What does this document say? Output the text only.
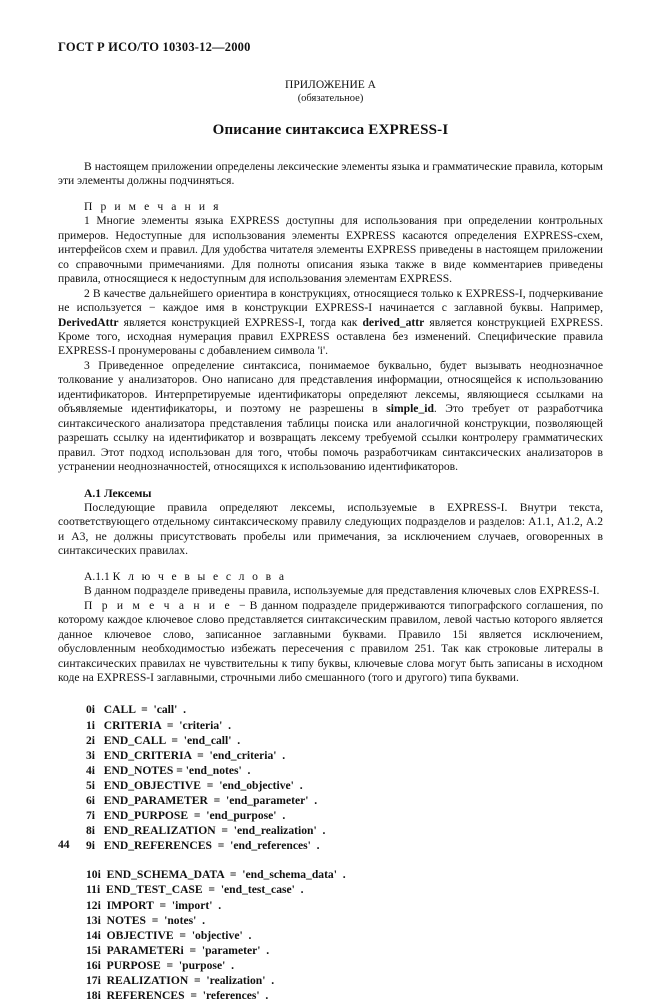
ГОСТ Р ИСО/ТО 10303-12—2000
ПРИЛОЖЕНИЕ А
(обязательное)
Описание синтаксиса EXPRESS-I

В настоящем приложении определены лексические элементы языка и грамматические правила, которым эти элементы должны подчиняться.

П р и м е ч а н и я

1 Многие элементы языка EXPRESS доступны для использования при определении контрольных примеров. Недоступные для использования элементы EXPRESS касаются определения EXPRESS-схем, интерфейсов схем и правил. Для удобства читателя элементы EXPRESS приведены в настоящем приложении со справочными примечаниями. Для полноты описания языка также в виде комментариев приведены правила, относящиеся к недоступным для использования элементам EXPRESS.

2 В качестве дальнейшего ориентира в конструкциях, относящиеся только к EXPRESS-I, подчеркивание не используется − каждое имя в конструкции EXPRESS-I начинается с заглавной буквы. Например, DerivedAttr является конструкцией EXPRESS-I, тогда как derived_attr является конструкцией EXPRESS. Кроме того, исходная нумерация правил EXPRESS оставлена без изменений. Специфические правила EXPRESS-I пронумерованы с добавлением символа 'i'.

3 Приведенное определение синтаксиса, понимаемое буквально, будет вызывать неоднозначное толкование у анализаторов. Оно написано для представления информации, относящейся к использованию идентификаторов. Интерпретируемые идентификаторы определяют лексемы, являющиеся ссылками на объявляемые идентификаторы, и поэтому не разрешены в simple_id. Это требует от разработчика синтаксического анализатора представления таблицы поиска или аналогичной конструкции, позволяющей разрешать ссылку на идентификатор и возвращать лексему требуемой ссылки контролеру грамматических правил. Этот подход использован для того, чтобы помочь разработчикам синтаксических анализаторов в устранении неоднозначностей, относящихся к использованию идентификаторов.

А.1 Лексемы

Последующие правила определяют лексемы, используемые в EXPRESS-I. Внутри текста, соответствующего отдельному синтаксическому правилу следующих подразделов и разделов: А1.1, А1.2, А.2 и А3, не должны присутствовать пробелы или примечания, за исключением случаев, оговоренных в синтаксических правилах.

А.1.1 К л ю ч е в ы е с л о в а

В данном подразделе приведены правила, используемые для представления ключевых слов EXPRESS-I.

П р и м е ч а н и е − В данном подразделе придерживаются типографского соглашения, по которому каждое ключевое слово представляется синтаксическим правилом, левой частью которого является данное ключевое слово, записанное заглавными буквами. Правило 15i является исключением, обусловленным необходимостью избежать пересечения с правилом 251. Так как строковые литералы в синтаксических правилах не чувствительны к типу буквы, ключевые слова могут быть записаны в исходном коде на EXPRESS-I заглавными, строчными либо смешанного (того и другого) типа буквами.

0i   CALL  =  'call'  .
1i   CRITERIA  =  'criteria'  .
2i   END_CALL  =  'end_call'  .
3i   END_CRITERIA  =  'end_criteria'  .
4i   END_NOTES = 'end_notes'  .
5i   END_OBJECTIVE  =  'end_objective'  .
6i   END_PARAMETER  =  'end_parameter'  .
7i   END_PURPOSE  =  'end_purpose'  .
8i   END_REALIZATION  =  'end_realization'  .
9i   END_REFERENCES  =  'end_references'  .
10i  END_SCHEMA_DATA  =  'end_schema_data'  .
11i  END_TEST_CASE  =  'end_test_case'  .
12i  IMPORT  =  'import'  .
13i  NOTES  =  'notes'  .
14i  OBJECTIVE  =  'objective'  .
15i  PARAMETERi  =  'parameter'  .
16i  PURPOSE  =  'purpose'  .
17i  REALIZATION  =  'realization'  .
18i  REFERENCES  =  'references'  .
44
